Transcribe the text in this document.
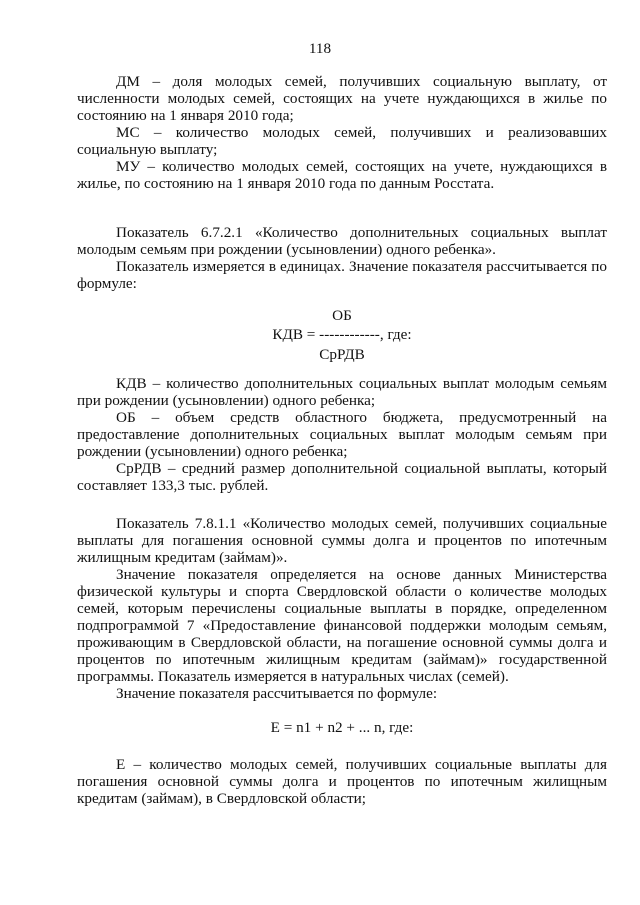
118

ДМ – доля молодых семей, получивших социальную выплату, от численности молодых семей, состоящих на учете нуждающихся в жилье по состоянию на 1 января 2010 года;

МС – количество молодых семей, получивших и реализовавших социальную выплату;

МУ – количество молодых семей, состоящих на учете, нуждающихся в жилье, по состоянию на 1 января 2010 года по данным Росстата.

Показатель 6.7.2.1 «Количество дополнительных социальных выплат молодым семьям при рождении (усыновлении) одного ребенка».

Показатель измеряется в единицах. Значение показателя рассчитывается по формуле:

ОБ

КДВ = ------------, где:

СрРДВ

КДВ – количество дополнительных социальных выплат молодым семьям при рождении (усыновлении) одного ребенка;

ОБ – объем средств областного бюджета, предусмотренный на предоставление дополнительных социальных выплат молодым семьям при рождении (усыновлении) одного ребенка;

СрРДВ – средний размер дополнительной социальной выплаты, который составляет 133,3 тыс. рублей.

Показатель 7.8.1.1 «Количество молодых семей, получивших социальные выплаты для погашения основной суммы долга и процентов по ипотечным жилищным кредитам (займам)».

Значение показателя определяется на основе данных Министерства физической культуры и спорта Свердловской области о количестве молодых семей, которым перечислены социальные выплаты в порядке, определенном подпрограммой 7 «Предоставление финансовой поддержки молодым семьям, проживающим в Свердловской области, на погашение основной суммы долга и процентов по ипотечным жилищным кредитам (займам)» государственной программы. Показатель измеряется в натуральных числах (семей).

Значение показателя рассчитывается по формуле:

Е = n1 + n2 + ... n, где:

Е – количество молодых семей, получивших социальные выплаты для погашения основной суммы долга и процентов по ипотечным жилищным кредитам (займам), в Свердловской области;
